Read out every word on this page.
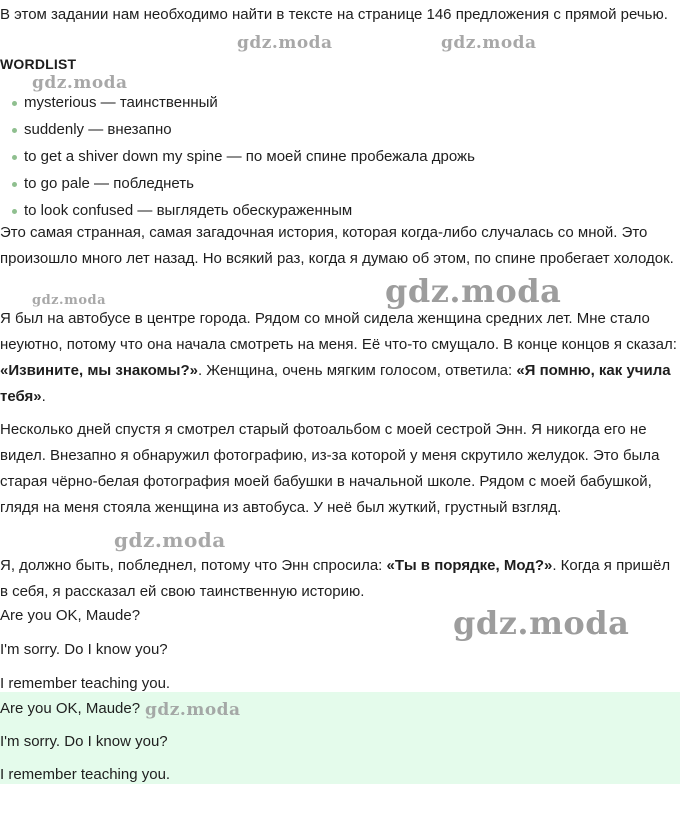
В этом задании нам необходимо найти в тексте на странице 146 предложения с прямой речью.

WORDLIST
mysterious — таинственный
suddenly — внезапно
to get a shiver down my spine — по моей спине пробежала дрожь
to go pale — побледнеть
to look confused — выглядеть обескураженным

Это самая странная, самая загадочная история, которая когда-либо случалась со мной. Это произошло много лет назад. Но всякий раз, когда я думаю об этом, по спине пробегает холодок.

Я был на автобусе в центре города. Рядом со мной сидела женщина средних лет. Мне стало неуютно, потому что она начала смотреть на меня. Её что-то смущало. В конце концов я сказал: «Извините, мы знакомы?». Женщина, очень мягким голосом, ответила: «Я помню, как учила тебя».

Несколько дней спустя я смотрел старый фотоальбом с моей сестрой Энн. Я никогда его не видел. Внезапно я обнаружил фотографию, из-за которой у меня скрутило желудок. Это была старая чёрно-белая фотография моей бабушки в начальной школе. Рядом с моей бабушкой, глядя на меня стояла женщина из автобуса. У неё был жуткий, грустный взгляд.

Я, должно быть, побледнел, потому что Энн спросила: «Ты в порядке, Мод?». Когда я пришёл в себя, я рассказал ей свою таинственную историю.

Are you OK, Maude?
I'm sorry. Do I know you?
I remember teaching you.
Are you OK, Maude?
I'm sorry. Do I know you?
I remember teaching you.
gdz.moda	gdz.moda
gdz.moda
gdz.moda	gdz.moda
gdz.moda
gdz.moda
gdz.moda
